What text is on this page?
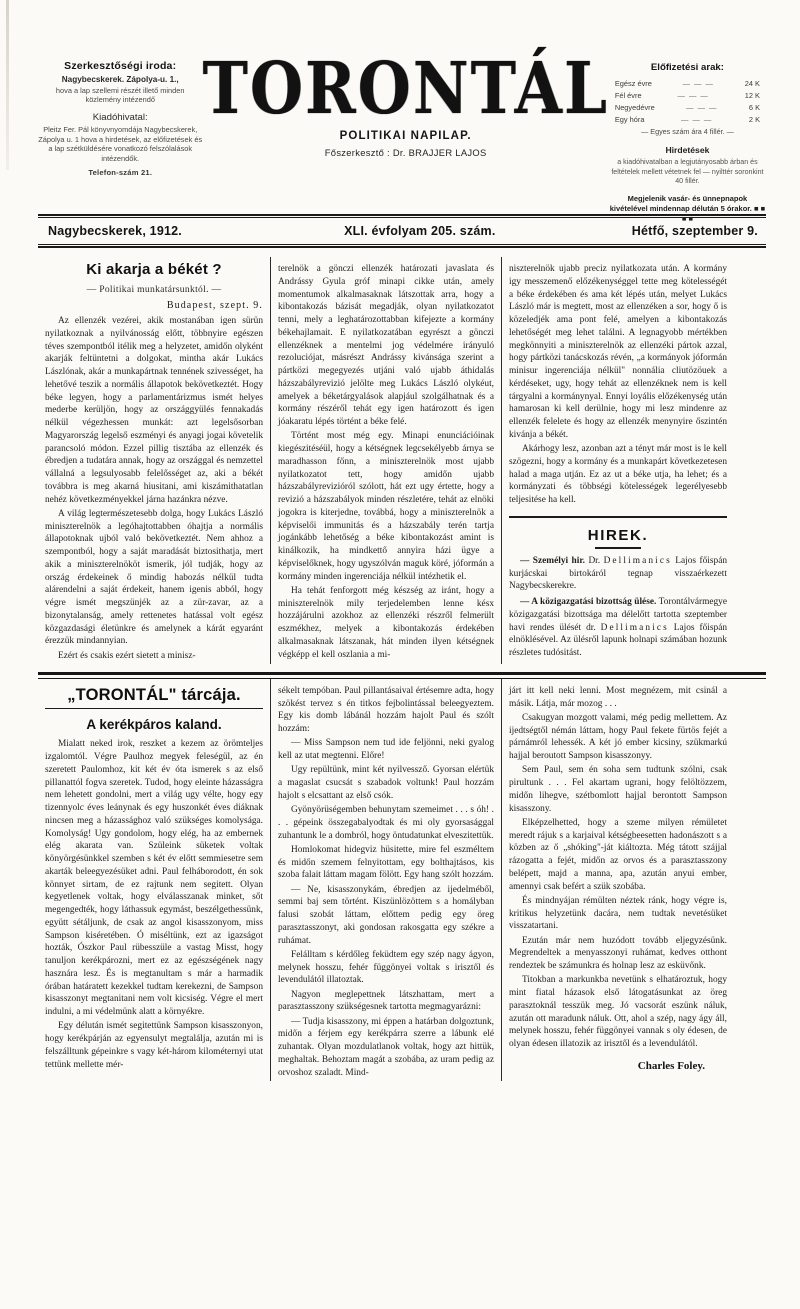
Szerkesztőségi iroda:
Nagybecskerek. Zápolya-u. 1.,
hova a lap szellemi részét illető minden közlemény intézendő
Kiadóhivatal:
Pleitz Fer. Pál könyvnyomdája Nagybecskerek, Zápolya u. 1 hova a hirdetések, az előfizetések és a lap szétküldésére vonatkozó felszólalások intézendők.
Telefon-szám 21.
TORONTÁL
POLITIKAI NAPILAP.
Főszerkesztő : Dr. BRAJJER LAJOS
Előfizetési arak:
Egész évre	— — —	24 K
Fél évre	— — —	12 K
Negyedévre	— — —	6 K
Egy hóra	— — —	2 K
— Egyes szám ára 4 fillér. —
Hirdetések
a kiadóhivatalban a legjutányosabb árban és feltételek mellett vétetnek fel — nyilttér soronkint 40 fillér.
Megjelenik vasár- és ünnepnapok kivételével mindennap délután 5 órakor. ■ ■ ■ ■
Nagybecskerek, 1912.	XLI. évfolyam 205. szám.	Hétfő, szeptember 9.
Ki akarja a békét ?
— Politikai munkatársunktól. —
Budapest, szept. 9.

Az ellenzék vezérei, akik mostanában igen sürün nyilatkoznak a nyilvánosság előtt, többnyire egészen téves szempontból itélik meg a helyzetet, amidőn olyként akarják feltüntetni a dolgokat, mintha akár Lukács Lászlónak, akár a munkapártnak tennének szivességet, ha lehetővé teszik a normális állapotok bekövetkeztét. Hogy béke legyen, hogy a parlamentárizmus ismét helyes mederbe kerüljön, hogy az országgyülés fennakadás nélkül végezhessen munkát: azt legelsősorban Magyarország legelső eszményi és anyagi jogai követelik parancsoló módon. Ezzel pillig tisztába az ellenzék és ébredjen a tudatára annak, hogy az országgal és nemzettel vállalná a legsulyosabb felelősséget az, aki a békét továbbra is meg akarná hiusitani, ami kiszámithatatlan nehéz következményekkel járna hazánkra nézve.

A világ legtermészetesebb dolga, hogy Lukács László miniszterelnök a legóhajtottabben óhajtja a normális állapotoknak ujból való bekövetkeztét. Nem ahhoz a szempontból, hogy a saját maradását biztosithatja, mert akik a miniszterelnököt ismerik, jól tudják, hogy az ország érdekeinek ő mindig habozás nélkül tudta alárendelni a saját érdekeit, hanem igenis abból, hogy végre ismét megszünjék az a zür-zavar, az a bizonytalanság, amely rettenetes hatással volt egész közgazdasági életünkre és amelynek a kárát egyaránt érezzük mindannyian.

Ezért és csakis ezért sietett a minisz-

terelnök a gönczi ellenzék határozati javaslata és Andrássy Gyula gróf minapi cikke után, amely momentumok alkalmasaknak látszottak arra, hogy a kibontakozás bázisát megadják, olyan nyilatkozatot tenni, mely a leghatározottabban kifejezte a kormány békehajlamait. E nyilatkozatában egyrészt a gönczi ellenzéknek a mentelmi jog védelmére irányuló rezoluciójat, másrészt Andrássy kivánsága szerint a pártközi megegyezés utjáni való ujabb áthidalás házszabályrevizió jelölte meg Lukács László olykéut, amelyek a béketárgyalások alapjául szolgálhatnak és a kormány részéről tehát egy igen határozott és igen jóakaratu lépés történt a béke felé.

Történt most még egy. Minapi enunciációinak kiegészitéséül, hogy a kétségnek legcsekélyebb árnya se maradhasson főnn, a miniszterelnök most ujabb nyilatkozatot tett, hogy amidőn ujabb házszabályrevizióról szólott, hát ezt ugy értette, hogy a revizió a házszabályok minden részletére, tehát az elnöki jogokra is kiterjedne, továbbá, hogy a miniszterelnök a képviselői immunitás és a házszabály terén tartja jogánkább lehetőség a béke kibontakozást amint is kinálkozik, ha mindkettő annyira házi ügye a képviselőknek, hogy ugyszólván maguk köré, jóformán a kormány minden ingerenciája nélkül intézhetik el.

Ha tehát fenforgott még készség az iránt, hogy a miniszterelnök mily terjedelemben lenne késx hozzájárulni azokhoz az ellenzéki részről felmerült eszmékhez, melyek a kibontakozás érdekében alkalmasaknak látszanak, hát minden ilyen kétségnek végképp el kell oszlania a mi-

niszterelnök ujabb preciz nyilatkozata után. A kormány igy messzemenő előzékenységgel tette meg kötelességét a béke érdekében és ama két lépés után, melyet Lukács László már is megtett, most az ellenzéken a sor, hogy ő is közeledjék ama pont felé, amelyen a kibontakozás lehetőségét meg lehet találni. A legnagyobb mértékben megkönnyiti a miniszterelnök az ellenzéki pártok azzal, hogy pártközi tanácskozás révén, „a kormányok jóformán minisur ingerenciája nélkül" nonnália cliutözöuek a kérdéseket, ugy, hogy tehát az ellenzéknek nem is kell tárgyalni a kormánynyal. Ennyi loyális előzékenység után hamarosan ki kell derülnie, hogy mi lesz mindenre az ellenzék felelete és hogy az ellenzék menynyire őszintén kivánja a békét.

Akárhogy lesz, azonban azt a tényt már most is le kell szögezni, hogy a kormány és a munkapárt következetesen halad a maga utján. Ez az ut a béke utja, ha lehet; és a kormányzati és többségi kötelességek legerélyesebb teljesitése ha kell.

HIREK.

— Személyi hir. Dr. Dellimanics Lajos főispán kurjácskai birtokáról tegnap visszaérkezett Nagybecskerekre.

— A közigazgatási bizottság ülése. Torontálvármegye közigazgatási bizottsága ma délelőtt tartotta szeptember havi rendes ülését dr. Dellimanics Lajos főispán elnöklésével. Az ülésről lapunk holnapi számában hozunk részletes tudósitást.

„TORONTÁL" tárcája.
A kerékpáros kaland.

Mialatt neked irok, reszket a kezem az örömteljes izgalomtól. Végre Paulhoz megyek feleségül, az én szeretett Paulomhoz, kit két év óta ismerek s az első pillanattól fogva szeretek. Tudod, hogy eleinte házasságra nem lehetett gondolni, mert a világ ugy vélte, hogy egy tizennyolc éves leánynak és egy huszonkét éves diáknak nincsen meg a házassághoz való szükséges komolysága. Komolyság! Ugy gondolom, hogy elég, ha az embernek elég akarata van. Szüleink süketek voltak könyörgésünkkel szemben s két év előtt semmiesetre sem akarták beleegyezésüket adni. Paul felháborodott, én sok könnyet sirtam, de ez rajtunk nem segitett. Olyan kegyetlenek voltak, hogy elválasszanak minket, sőt megengedték, hogy láthassuk egymást, beszélgethessünk, együtt sétáljunk, de csak az angol kisasszonyom, miss Sampson kiséretében. Ó miséltünk, ezt az igazságot hozták, Ószkor Paul rübesszüle a vastag Misst, hogy tanuljon kerékpározni, mert ez az egészségének nagy hasznára lesz. És is megtanultam s már a harmadik órában határatett kezekkel tudtam kerekezni, de Sampson kisasszonyt megtanitani nem volt kicsiség. Végre el mert indulni, a mi védelmünk alatt a környékre.

Egy délután ismét segitettünk Sampson kisasszonyon, hogy kerékpárján az egyensulyt megtalálja, azután mi is felszálltunk gépeinkre s vagy két-három kilométernyi utat tettünk mellette mér-

sékelt tempóban. Paul pillantásaival értésemre adta, hogy szökést tervez s én titkos fejbolintással beleegyeztem. Egy kis domb lábánál hozzám hajolt Paul és szólt hozzám:

— Miss Sampson nem tud ide feljönni, neki gyalog kell az utat megtenni. Előre!

Ugy repültünk, mint két nyilvessző. Gyorsan elértük a magaslat csucsát s szabadok voltunk! Paul hozzám hajolt s elcsattant az első csók.

Gyönyörüségemben behunytam szemeimet . . . s óh! . . . gépeink összegabalyodtak és mi oly gyorsasággal zuhantunk le a dombról, hogy öntudatunkat elveszitettük.

Homlokomat hidegviz hüsitette, mire fel eszméltem és midőn szemem felnyitottam, egy bolthajtásos, kis szoba falait láttam magam fölött. Egy hang szólt hozzám.

— Ne, kisasszonykám, ébredjen az ijedelméből, semmi baj sem történt. Kiszünlözöttem s a homályban falusi szobát láttam, előttem pedig egy öreg parasztasszonyt, aki gondosan rakosgatta egy székre a ruhámat.

Felálltam s kérdőleg feküdtem egy szép nagy ágyon, melynek hosszu, fehér függönyei voltak s irisztől és levendulától illatoztak.

Nagyon meglepettnek látszhattam, mert a parasztasszony szükségesnek tartotta megmagyarázni:

— Tudja kisasszony, mi éppen a határban dolgoztunk, midőn a férjem egy kerékpárra szerre a lábunk elé zuhantak. Olyan mozdulatlanok voltak, hogy azt hittük, meghaltak. Behoztam magát a szobába, az uram pedig az orvoshoz szaladt. Mind-

járt itt kell neki lenni. Most megnézem, mit csinál a másik. Látja, már mozog . . .

Csakugyan mozgott valami, még pedig mellettem. Az ijedtségtől némán láttam, hogy Paul fekete fürtös fejét a párnámról lehessék. A két jó ember kicsiny, szükmarkú hajjal beroutott Sampson kisasszonyy.

Sem Paul, sem én soha sem tudtunk szólni, csak pirultunk . . . Fel akartam ugrani, hogy felöltözzem, midőn lihegve, szétbomlott hajjal berontott Sampson kisasszony.

Elképzelhetted, hogy a szeme milyen rémületet meredt rájuk s a karjaival kétségbeesetten hadonászott s a közben az ő „shóking"-ját kiáltozta. Még tátott szájjal rázogatta a fejét, midőn az orvos és a parasztasszony belépett, majd a manna, apa, azután anyui ember, amennyi csak befért a szük szobába.

És mindnyájan rémülten néztek ránk, hogy végre is, kritikus helyzetünk dacára, nem tudtak nevetésüket visszatartani.

Ezután már nem huzódott tovább eljegyzésünk. Megrendeltek a menyasszonyi ruhámat, kedves otthont rendeztek be számunkra és holnap lesz az esküvőnk.

Titokban a markunkba nevetünk s elhatároztuk, hogy mint fiatal házasok első látogatásunkat az öreg parasztoknál tesszük meg. Jó vacsorát eszünk náluk, azután ott maradunk náluk. Ott, ahol a szép, nagy ágy áll, melynek hosszu, fehér függönyei vannak s oly édesen, de olyan édesen illatozik az irisztől és a levendulától.

Charles Foley.
